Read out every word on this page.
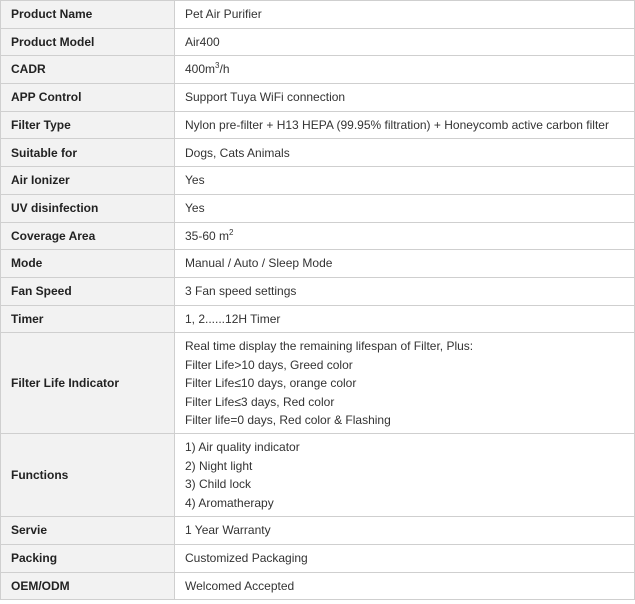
Product Name	Pet Air Purifier
Product Model	Air400
CADR	$400m^3/h$
APP Control	Support Tuya WiFi connection
Filter Type	Nylon pre-filter + H13 HEPA (99.95% filtration) + Honeycomb active carbon filter
Suitable for	Dogs, Cats Animals
Air Ionizer	Yes
UV disinfection	Yes
Coverage Area	35-60 $m^2$
Mode	Manual / Auto / Sleep Mode
Fan Speed	3 Fan speed settings
Timer	1, 2......12H Timer
Filter Life Indicator	Real time display the remaining lifespan of Filter, Plus:
Filter Life>10 days, Greed color
Filter Life≤10 days, orange color
Filter Life≤3 days, Red color
Filter life=0 days, Red color & Flashing

Functions	1) Air quality indicator
2) Night light
3) Child lock
4) Aromatherapy

Servie	1 Year Warranty
Packing	Customized Packaging
OEM/ODM	Welcomed Accepted
